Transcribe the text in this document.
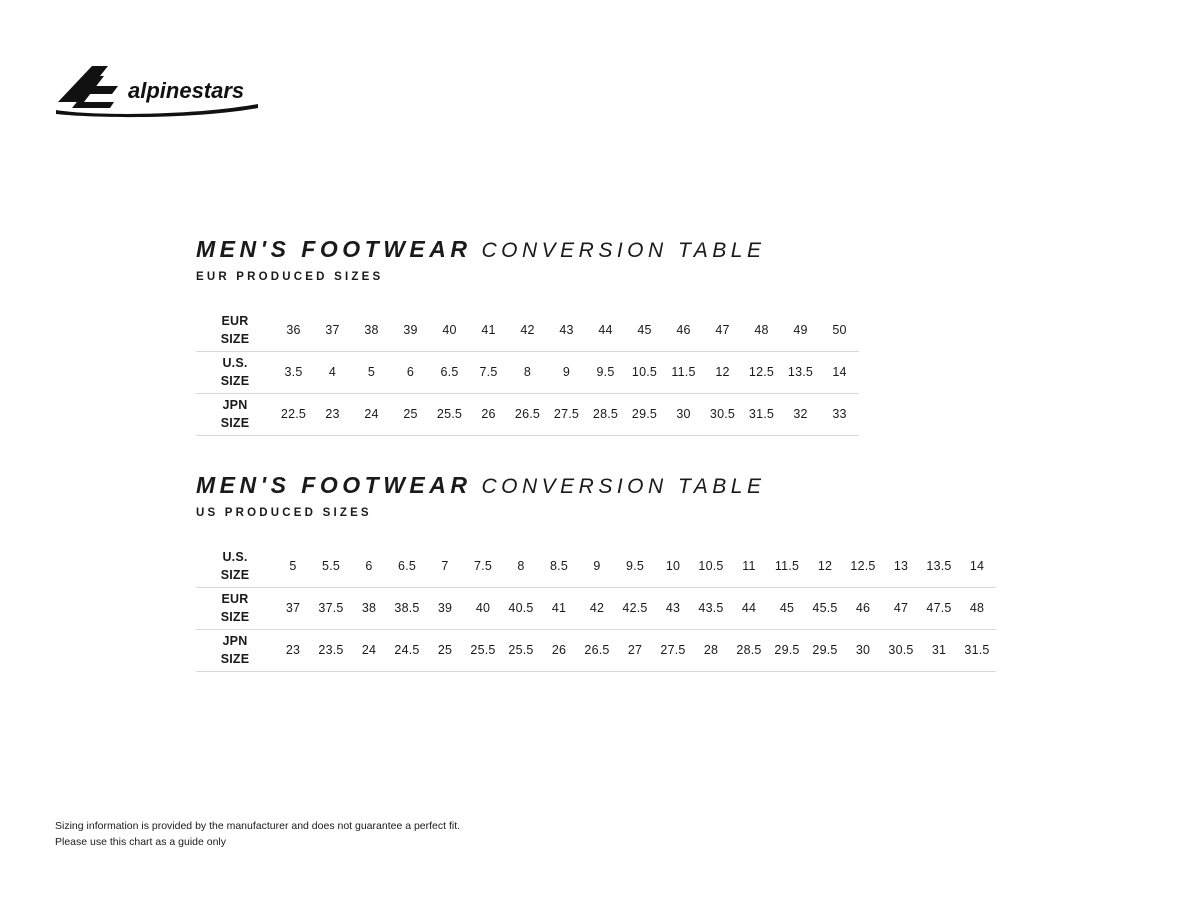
alpinestars
MEN'S FOOTWEAR CONVERSION TABLE
EUR PRODUCED SIZES
EUR
SIZE	36	37	38	39	40	41	42	43	44	45	46	47	48	49	50

U.S.
SIZE	3.5	4	5	6	6.5	7.5	8	9	9.5	10.5	11.5	12	12.5	13.5	14

JPN
SIZE	22.5	23	24	25	25.5	26	26.5	27.5	28.5	29.5	30	30.5	31.5	32	33
MEN'S FOOTWEAR CONVERSION TABLE
US PRODUCED SIZES
U.S.
SIZE	5	5.5	6	6.5	7	7.5	8	8.5	9	9.5	10	10.5	11	11.5	12	12.5	13	13.5	14

EUR
SIZE	37	37.5	38	38.5	39	40	40.5	41	42	42.5	43	43.5	44	45	45.5	46	47	47.5	48

JPN
SIZE	23	23.5	24	24.5	25	25.5	25.5	26	26.5	27	27.5	28	28.5	29.5	29.5	30	30.5	31	31.5
Sizing information is provided by the manufacturer and does not guarantee a perfect fit.
Please use this chart as a guide only
